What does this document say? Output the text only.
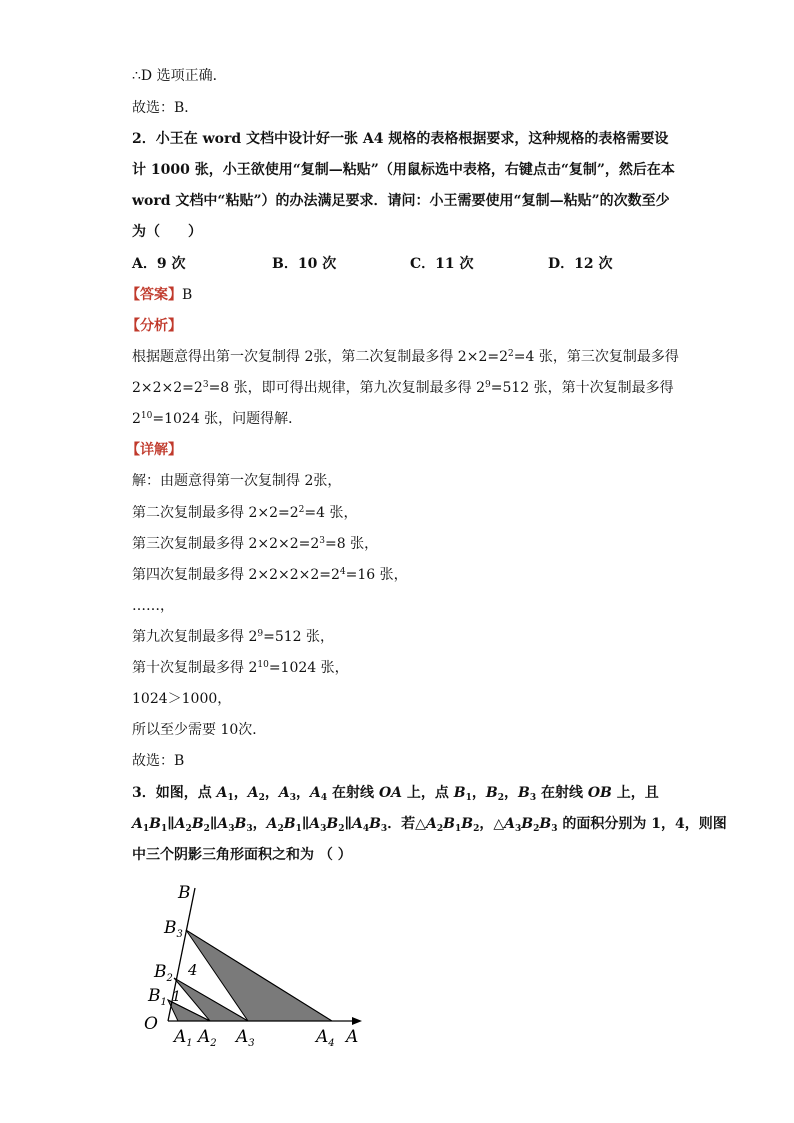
∴D 选项正确．
故选：B．
2．小王在 word 文档中设计好一张 A4 规格的表格根据要求，这种规格的表格需要设
计 1000 张，小王欲使用“复制—粘贴”（用鼠标选中表格，右键点击“复制”，然后在本
word 文档中“粘贴”）的办法满足要求．请问：小王需要使用“复制—粘贴”的次数至少
为（　　）
A．9 次	B．10 次	C．11 次	D．12 次
【答案】B
【分析】
根据题意得出第一次复制得 2张，第二次复制最多得 $2\times 2=2^2=4$ 张，第三次复制最多得
$2\times 2\times 2=2^3=8$ 张，即可得出规律，第九次复制最多得 $2^9=512$ 张，第十次复制最多得
$2^{10}=1024$ 张，问题得解．
【详解】
解：由题意得第一次复制得 2张，
第二次复制最多得 $2\times 2=2^2=4$ 张，
第三次复制最多得 $2\times 2\times 2=2^3=8$ 张，
第四次复制最多得 $2\times 2\times 2\times 2=2^4=16$ 张，
……，
第九次复制最多得 $2^9=512$ 张，
第十次复制最多得 $2^{10}=1024$ 张，
1024＞1000，
所以至少需要 10次．
故选：B
3．如图，点 $A_1$，$A_2$，$A_3$，$A_4$ 在射线 OA 上，点 $B_1$，$B_2$，$B_3$ 在射线 OB 上，且
$A_1B_1\parallel A_2B_2\parallel A_3B_3$，$A_2B_1\parallel A_3B_2\parallel A_4B_3$．若$\triangle A_2B_1B_2$，$\triangle A_3B_2B_3$ 的面积分别为 1，4，则图
中三个阴影三角形面积之和为 （ ）
B
$B_3$
4
$B_2$
$B_1$ 1
O
$A_1$ $A_2$ $A_3$	$A_4$ A
